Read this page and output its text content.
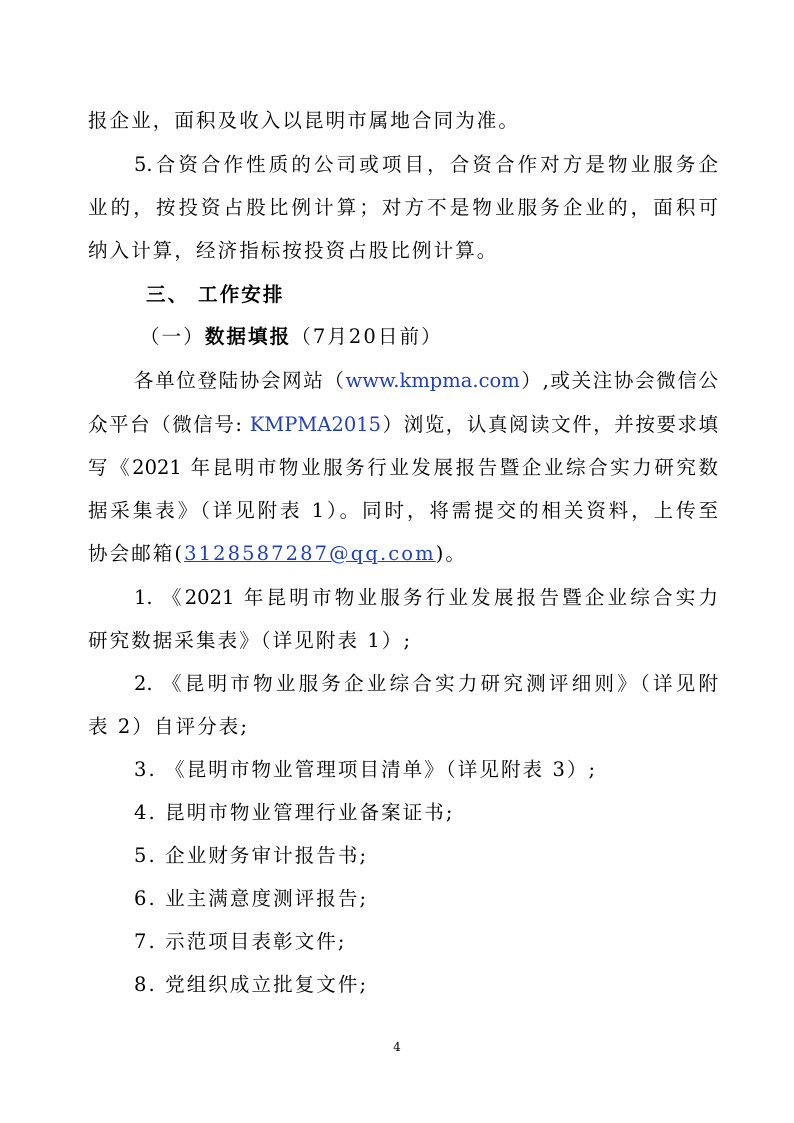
报企业，面积及收入以昆明市属地合同为准。
5.合资合作性质的公司或项目，合资合作对方是物业服务企
业的，按投资占股比例计算；对方不是物业服务企业的，面积可
纳入计算，经济指标按投资占股比例计算。
三、 工作安排
（一）数据填报（7月20日前）
各单位登陆协会网站（www.kmpma.com）,或关注协会微信公
众平台（微信号: KMPMA2015）浏览，认真阅读文件，并按要求填
写《2021 年昆明市物业服务行业发展报告暨企业综合实力研究数
据采集表》（详见附表 1）。同时，将需提交的相关资料，上传至
协会邮箱(3128587287@qq.com)。
1. 《2021 年昆明市物业服务行业发展报告暨企业综合实力
研究数据采集表》（详见附表 1）;
2. 《昆明市物业服务企业综合实力研究测评细则》（详见附
表 2）自评分表;
3. 《昆明市物业管理项目清单》（详见附表 3）;
4. 昆明市物业管理行业备案证书;
5. 企业财务审计报告书;
6. 业主满意度测评报告;
7. 示范项目表彰文件;
8. 党组织成立批复文件;
4
